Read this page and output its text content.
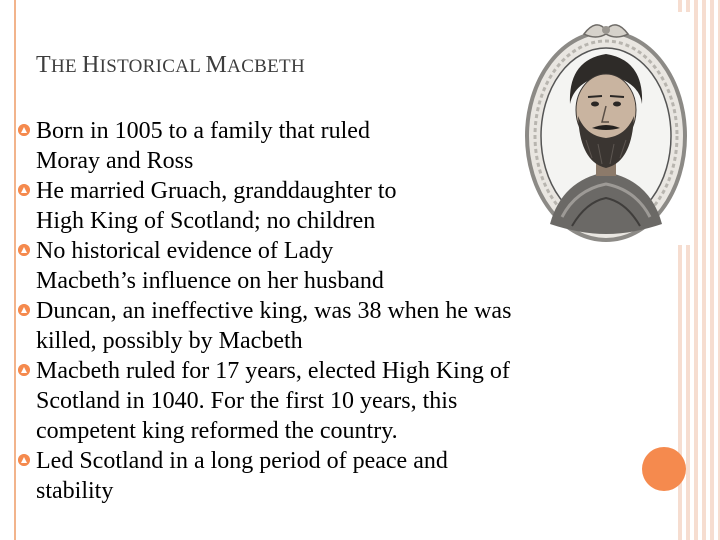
THE HISTORICAL MACBETH
Born in 1005 to a family that ruled
Moray and Ross
He married Gruach, granddaughter to
High King of Scotland; no children
No historical evidence of Lady
Macbeth’s influence on her husband
Duncan, an ineffective king, was 38 when he was
killed, possibly by Macbeth
Macbeth ruled for 17 years, elected High King of
Scotland in 1040. For the first 10 years, this
competent king reformed the country.
Led Scotland in a long period of peace and
stability
